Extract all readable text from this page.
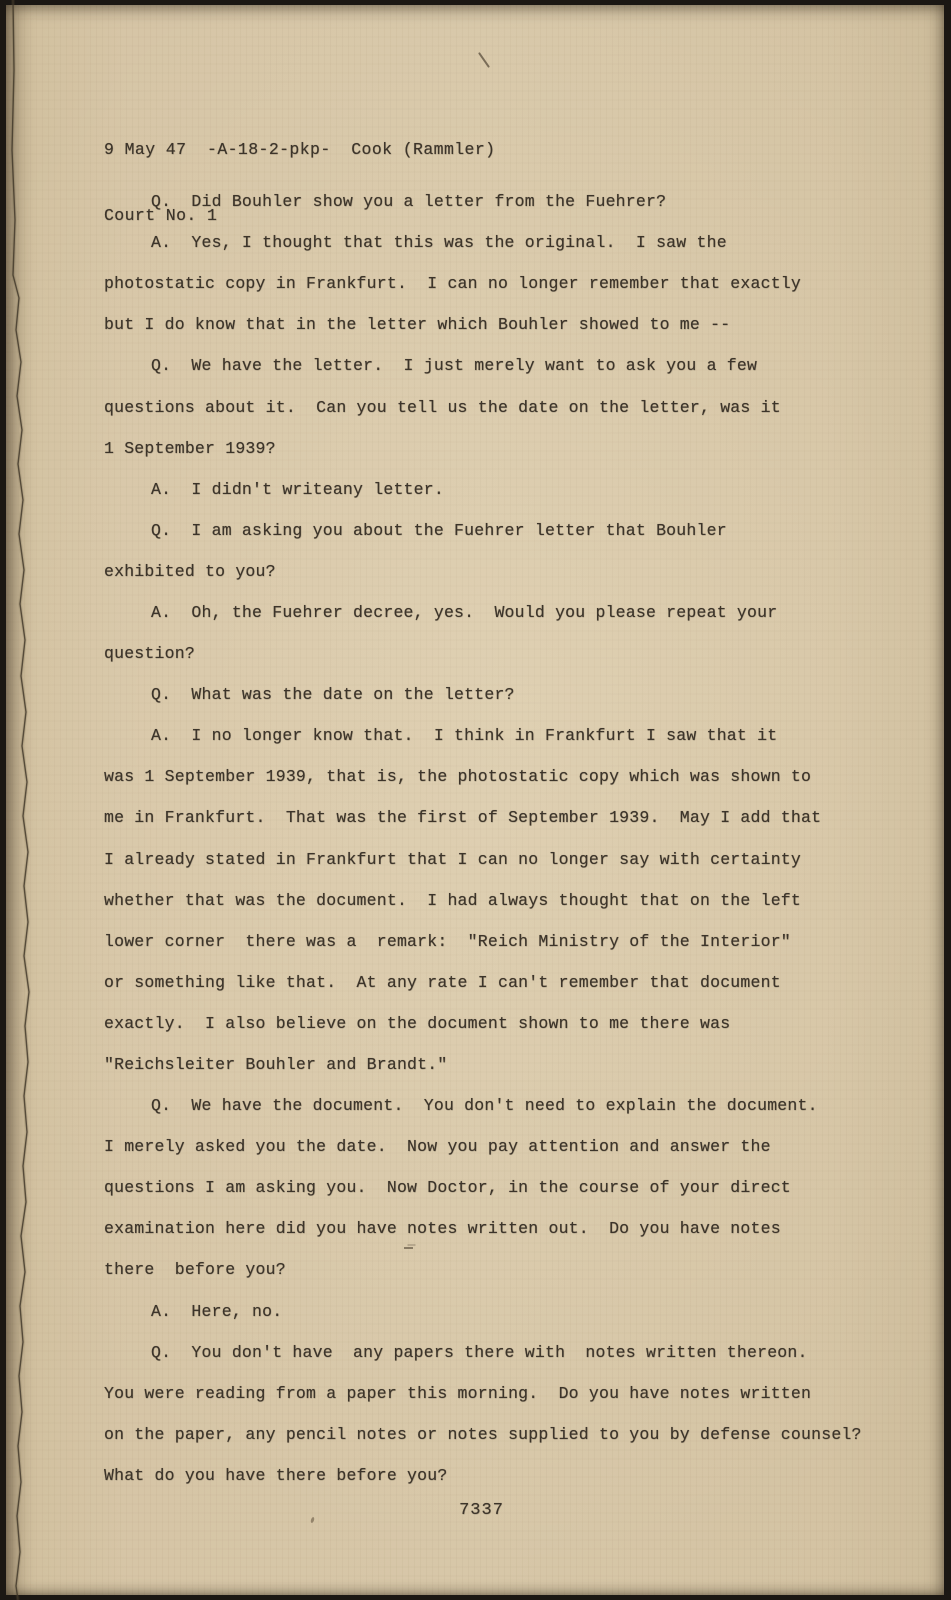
9 May 47  -A-18-2-pkp-  Cook (Rammler)

Court No. 1

Q.  Did Bouhler show you a letter from the Fuehrer?
A.  Yes, I thought that this was the original.  I saw the
photostatic copy in Frankfurt.  I can no longer remember that exactly
but I do know that in the letter which Bouhler showed to me --
Q.  We have the letter.  I just merely want to ask you a few
questions about it.  Can you tell us the date on the letter, was it
1 September 1939?
A.  I didn't writeany letter.
Q.  I am asking you about the Fuehrer letter that Bouhler
exhibited to you?
A.  Oh, the Fuehrer decree, yes.  Would you please repeat your
question?
Q.  What was the date on the letter?
A.  I no longer know that.  I think in Frankfurt I saw that it
was 1 September 1939, that is, the photostatic copy which was shown to
me in Frankfurt.  That was the first of September 1939.  May I add that
I already stated in Frankfurt that I can no longer say with certainty
whether that was the document.  I had always thought that on the left
lower corner  there was a  remark:  "Reich Ministry of the Interior"
or something like that.  At any rate I can't remember that document
exactly.  I also believe on the document shown to me there was
"Reichsleiter Bouhler and Brandt."
Q.  We have the document.  You don't need to explain the document.
I merely asked you the date.  Now you pay attention and answer the
questions I am asking you.  Now Doctor, in the course of your direct
examination here did you have notes written out.  Do you have notes
there  before you?
A.  Here, no.
Q.  You don't have  any papers there with  notes written thereon.
You were reading from a paper this morning.  Do you have notes written
on the paper, any pencil notes or notes supplied to you by defense counsel?
What do you have there before you?
7337
